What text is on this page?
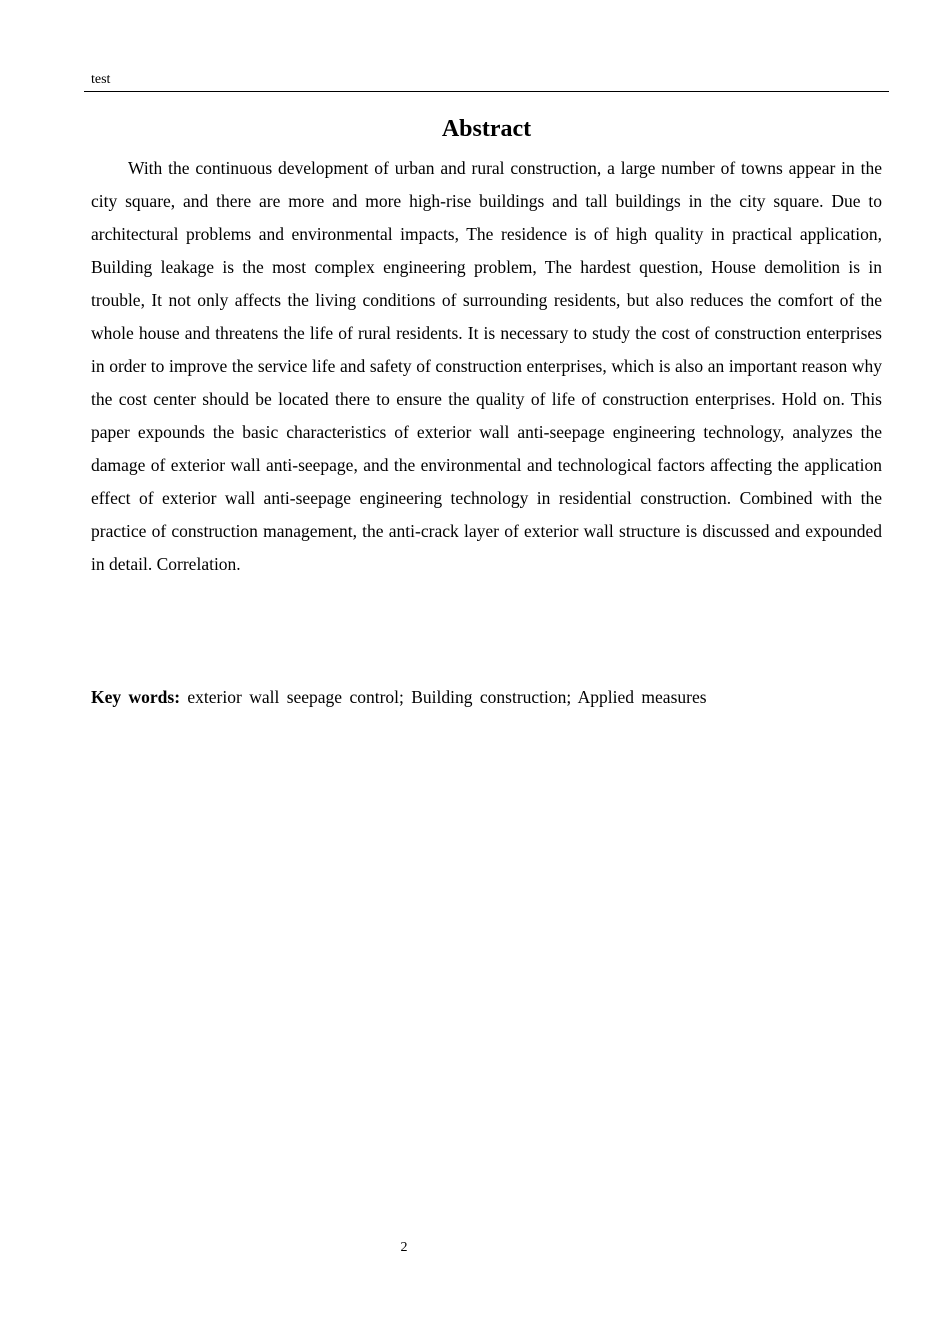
test
Abstract

With the continuous development of urban and rural construction, a large number of towns appear in the city square, and there are more and more high-rise buildings and tall buildings in the city square. Due to architectural problems and environmental impacts, The residence is of high quality in practical application, Building leakage is the most complex engineering problem, The hardest question, House demolition is in trouble, It not only affects the living conditions of surrounding residents, but also reduces the comfort of the whole house and threatens the life of rural residents. It is necessary to study the cost of construction enterprises in order to improve the service life and safety of construction enterprises, which is also an important reason why the cost center should be located there to ensure the quality of life of construction enterprises. Hold on. This paper expounds the basic characteristics of exterior wall anti-seepage engineering technology, analyzes the damage of exterior wall anti-seepage, and the environmental and technological factors affecting the application effect of exterior wall anti-seepage engineering technology in residential construction. Combined with the practice of construction management, the anti-crack layer of exterior wall structure is discussed and expounded in detail. Correlation.

Key words: exterior wall seepage control; Building construction; Applied measures

2
